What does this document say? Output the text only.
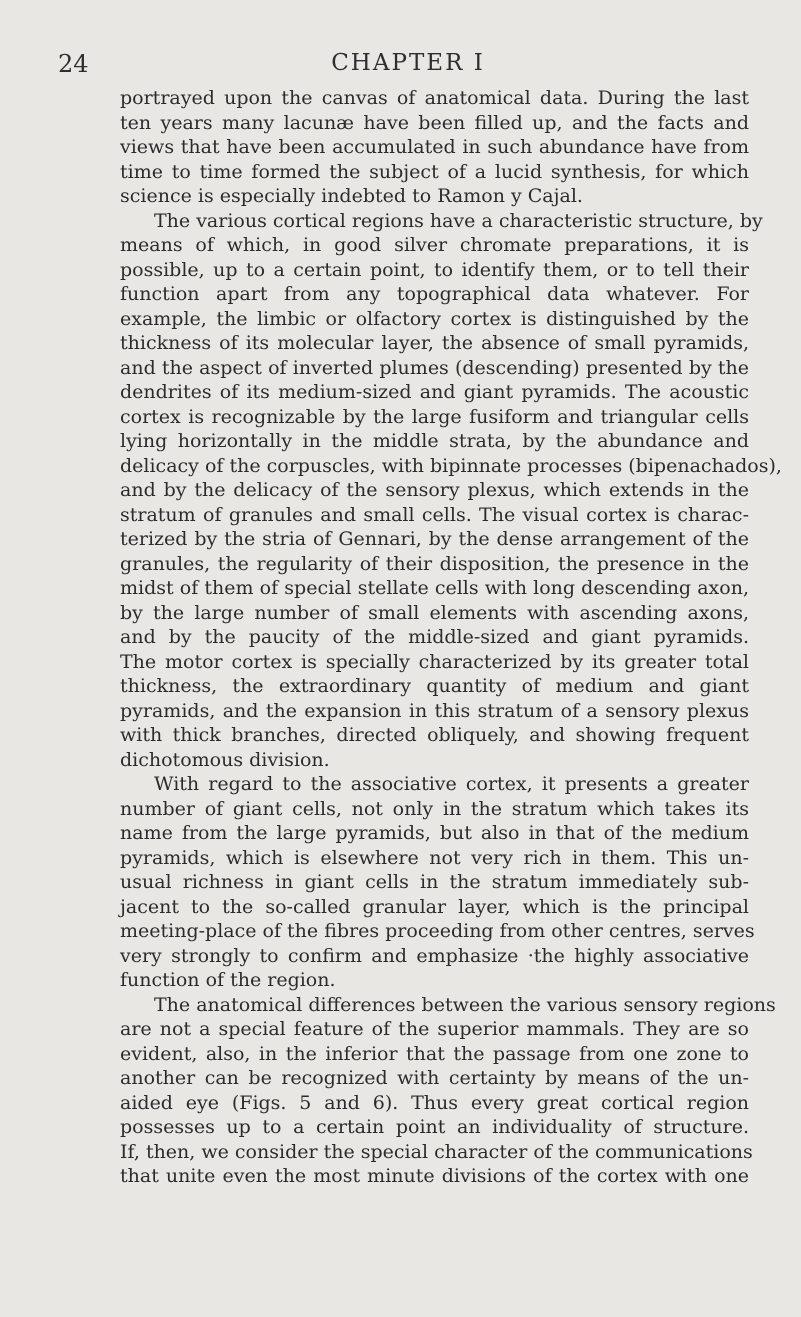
24	CHAPTER I
portrayed upon the canvas of anatomical data. During the last
ten years many lacunæ have been filled up, and the facts and
views that have been accumulated in such abundance have from
time to time formed the subject of a lucid synthesis, for which
science is especially indebted to Ramon y Cajal.
The various cortical regions have a characteristic structure, by
means of which, in good silver chromate preparations, it is
possible, up to a certain point, to identify them, or to tell their
function apart from any topographical data whatever. For
example, the limbic or olfactory cortex is distinguished by the
thickness of its molecular layer, the absence of small pyramids,
and the aspect of inverted plumes (descending) presented by the
dendrites of its medium-sized and giant pyramids. The acoustic
cortex is recognizable by the large fusiform and triangular cells
lying horizontally in the middle strata, by the abundance and
delicacy of the corpuscles, with bipinnate processes (bipenachados),
and by the delicacy of the sensory plexus, which extends in the
stratum of granules and small cells. The visual cortex is charac-
terized by the stria of Gennari, by the dense arrangement of the
granules, the regularity of their disposition, the presence in the
midst of them of special stellate cells with long descending axon,
by the large number of small elements with ascending axons,
and by the paucity of the middle-sized and giant pyramids.
The motor cortex is specially characterized by its greater total
thickness, the extraordinary quantity of medium and giant
pyramids, and the expansion in this stratum of a sensory plexus
with thick branches, directed obliquely, and showing frequent
dichotomous division.
With regard to the associative cortex, it presents a greater
number of giant cells, not only in the stratum which takes its
name from the large pyramids, but also in that of the medium
pyramids, which is elsewhere not very rich in them. This un-
usual richness in giant cells in the stratum immediately sub-
jacent to the so-called granular layer, which is the principal
meeting-place of the fibres proceeding from other centres, serves
very strongly to confirm and emphasize ·the highly associative
function of the region.
The anatomical differences between the various sensory regions
are not a special feature of the superior mammals. They are so
evident, also, in the inferior that the passage from one zone to
another can be recognized with certainty by means of the un-
aided eye (Figs. 5 and 6). Thus every great cortical region
possesses up to a certain point an individuality of structure.
If, then, we consider the special character of the communications
that unite even the most minute divisions of the cortex with one
